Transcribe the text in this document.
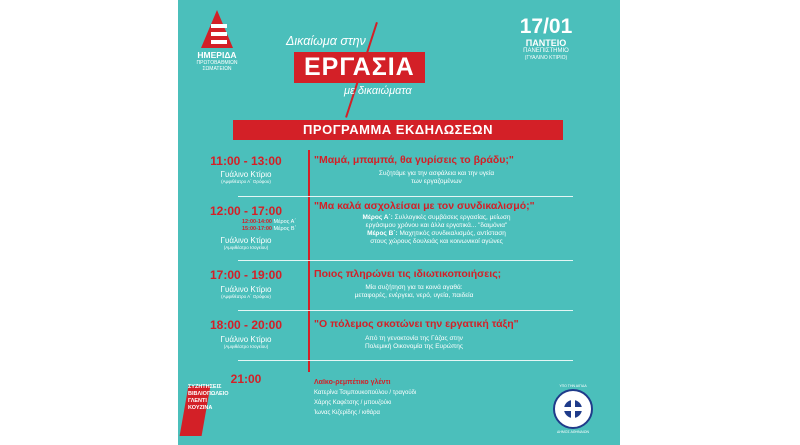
ΗΜΕΡΙΔΑ
ΠΡΩΤΟΒΑΘΜΙΩΝ
ΣΩΜΑΤΕΙΩΝ
Δικαίωμα στην
ΕΡΓΑΣΙΑ
με δικαιώματα
17/01
ΠΑΝΤΕΙΟ
ΠΑΝΕΠΙΣΤΗΜΙΟ
(ΓΥΑΛΙΝΟ ΚΤΙΡΙΟ)
ΠΡΟΓΡΑΜΜΑ ΕΚΔΗΛΩΣΕΩΝ
11:00 - 13:00
Γυάλινο Κτίριο
(Αμφιθέατρο Α΄ Ορόφου)
"Μαμά, μπαμπά, θα γυρίσεις το βράδυ;"
Συζητάμε για την ασφάλεια και την υγεία
των εργαζομένων
12:00 - 17:00
12:00-14:00 Μέρος Α΄
15:00-17:00 Μέρος Β΄
Γυάλινο Κτίριο
(Αμφιθέατρο Ισογείου)
"Μα καλά ασχολείσαι με τον συνδικαλισμό;"
Μέρος Α΄: Συλλογικές συμβάσεις εργασίας, μείωση
εργάσιμου χρόνου και άλλα εργατικά... "δαιμόνια"
Μέρος Β΄: Μαχητικός συνδικαλισμός, αντίσταση
στους χώρους δουλειάς και κοινωνικοί αγώνες
17:00 - 19:00
Γυάλινο Κτίριο
(Αμφιθέατρο Α΄ Ορόφου)
Ποιος πληρώνει τις ιδιωτικοποιήσεις;
Μία συζήτηση για τα κοινά αγαθά:
μεταφορές, ενέργεια, νερό, υγεία, παιδεία
18:00 - 20:00
Γυάλινο Κτίριο
(Αμφιθέατρο Ισογείου)
"Ο πόλεμος σκοτώνει την εργατική τάξη"
Από τη γενοκτονία της Γάζας στην
Πολεμική Οικονομία της Ευρώπης
21:00	Λαϊκο-ρεμπέτικο γλέντι
Κατερίνα Τσιμπουκοπούλου / τραγούδι
Χάρης Καφέτσης / μπουζούκι
Ίωνας Κιζερίδης / κιθάρα
ΣΥΖΗΤΗΣΕΙΣ
ΒΙΒΛΙΟΠΩΛΕΙΟ
ΓΛΕΝΤΙ
ΚΟΥΖΙΝΑ
ΥΠΟ ΤΗΝ ΑΙΓΙΔΑ
ΔΗΜΟΣ ΑΘΗΝΑΙΩΝ
